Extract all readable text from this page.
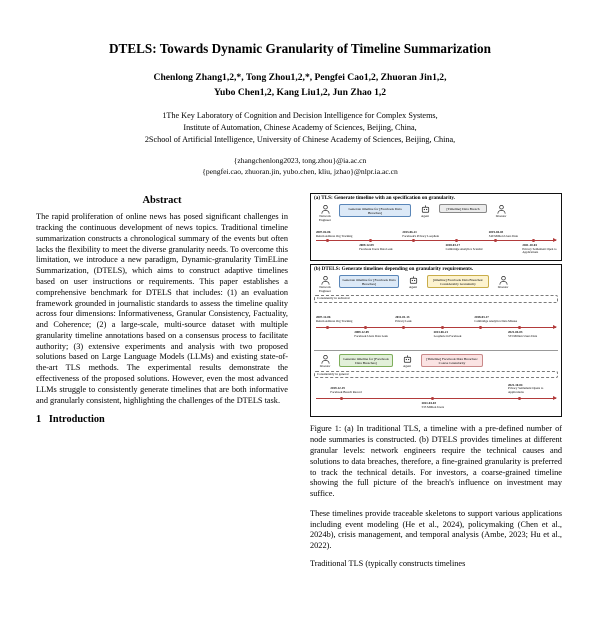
DTELS: Towards Dynamic Granularity of Timeline Summarization
Chenlong Zhang1,2,*, Tong Zhou1,2,*, Pengfei Cao1,2, Zhuoran Jin1,2,
Yubo Chen1,2, Kang Liu1,2, Jun Zhao 1,2
1The Key Laboratory of Cognition and Decision Intelligence for Complex Systems,
Institute of Automation, Chinese Academy of Sciences, Beijing, China,
2School of Artificial Intelligence, University of Chinese Academy of Sciences, Beijing, China,
{zhangchenlong2023, tong.zhou}@ia.ac.cn
{pengfei.cao, zhuoran.jin, yubo.chen, kliu, jzhao}@nlpr.ia.ac.cn
Abstract

The rapid proliferation of online news has posed significant challenges in tracking the continuous development of news topics. Traditional timeline summarization constructs a chronological summary of the events but often lacks the flexibility to meet the diverse granularity needs. To overcome this limitation, we introduce a new paradigm, Dynamic-granularity TimELine Summarization, (DTELS), which aims to construct adaptive timelines based on user instructions or requirements. This paper establishes a comprehensive benchmark for DTELS that includes: (1) an evaluation framework grounded in journalistic standards to assess the timeline quality across four dimensions: Informativeness, Granular Consistency, Factuality, and Coherence; (2) a large-scale, multi-source dataset with multiple granularity timeline annotations based on a consensus process to facilitate authority; (3) extensive experiments and analysis with two proposed solutions based on Large Language Models (LLMs) and existing state-of-the-art TLS methods. The experimental results demonstrate the effectiveness of the proposed solutions. However, even the most advanced LLMs struggle to consistently generate timelines that are both informative and granularly consistent, highlighting the challenges of the DTELS task.

1 Introduction
(a) TLS: Generate timeline with an specification on granularity.
Network Engineer
Generate timeline for [Facebook Data Breaches]
Agent
[Timeline] Data Breach
Investor
2007-02-06
Return Address Org Tracking
2013-06-21
Facebook's Privacy Loophole
2019-04-03
540 Million Users Data
2009-12-09
Facebook Users Data Leak
2018-03-17
Cambridge Analytica Scandal
2021-10-04
Privacy Settlement Open to Applications
(b) DTELS: Generate timelines depending on granularity requirements.
Network Engineer
Generate timeline for [Facebook Data Breaches]
Agent
[timeline] Facebook Data Breaches: Considerably Granularity
Investor
Consistently in technical
2007-12-06
Return Address Org Tracking
2011-01-13
Privacy Leak
2018-03-17
Cambridge Analytica Data Misuse
2009-12-09
Facebook Users Data Leak
2013-06-21
Loophole in Facebook
2021-04-03
533 Million Users Data
Investor
Generate timeline for [Facebook Data Breaches]
Agent
[Timeline] Facebook Data Breaches: Coarse Granularity
Considerably in general
2019-12-19
Facebook Breach Record
2021-04-03
533 Million Users
2021-10-04
Privacy Settlement Opens to Applications
Figure 1: (a) In traditional TLS, a timeline with a pre-defined number of node summaries is constructed. (b) DTELS provides timelines at different granular levels: network engineers require the technical causes and solutions to data breaches, therefore, a fine-grained granularity is preferred to track the technical details. For investors, a coarse-grained timeline showing the full picture of the breach's influence on investment may suffice.

These timelines provide traceable skeletons to support various applications including event modeling (He et al., 2024), policymaking (Chen et al., 2024b), crisis management, and temporal analysis (Ambe, 2023; Hu et al., 2022).

Traditional TLS (typically constructs timelines
